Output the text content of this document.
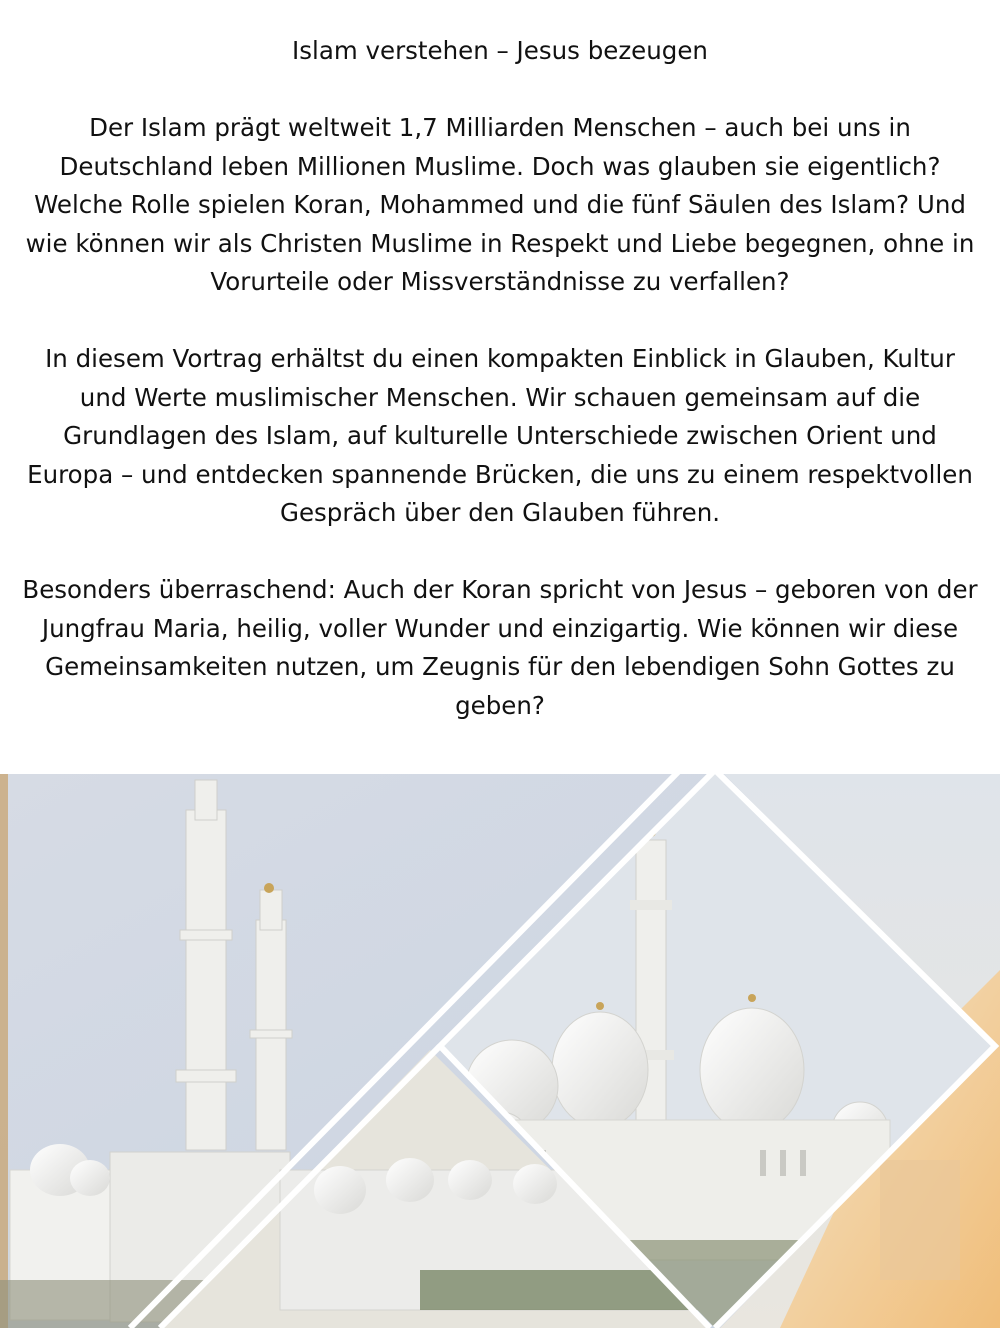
Islam verstehen – Jesus bezeugen

Der Islam prägt weltweit 1,7 Milliarden Menschen – auch bei uns in Deutschland leben Millionen Muslime. Doch was glauben sie eigentlich? Welche Rolle spielen Koran, Mohammed und die fünf Säulen des Islam? Und wie können wir als Christen Muslime in Respekt und Liebe begegnen, ohne in Vorurteile oder Missverständnisse zu verfallen?

In diesem Vortrag erhältst du einen kompakten Einblick in Glauben, Kultur und Werte muslimischer Menschen. Wir schauen gemeinsam auf die Grundlagen des Islam, auf kulturelle Unterschiede zwischen Orient und Europa – und entdecken spannende Brücken, die uns zu einem respektvollen Gespräch über den Glauben führen.

Besonders überraschend: Auch der Koran spricht von Jesus – geboren von der Jungfrau Maria, heilig, voller Wunder und einzigartig. Wie können wir diese Gemeinsamkeiten nutzen, um Zeugnis für den lebendigen Sohn Gottes zu geben?
